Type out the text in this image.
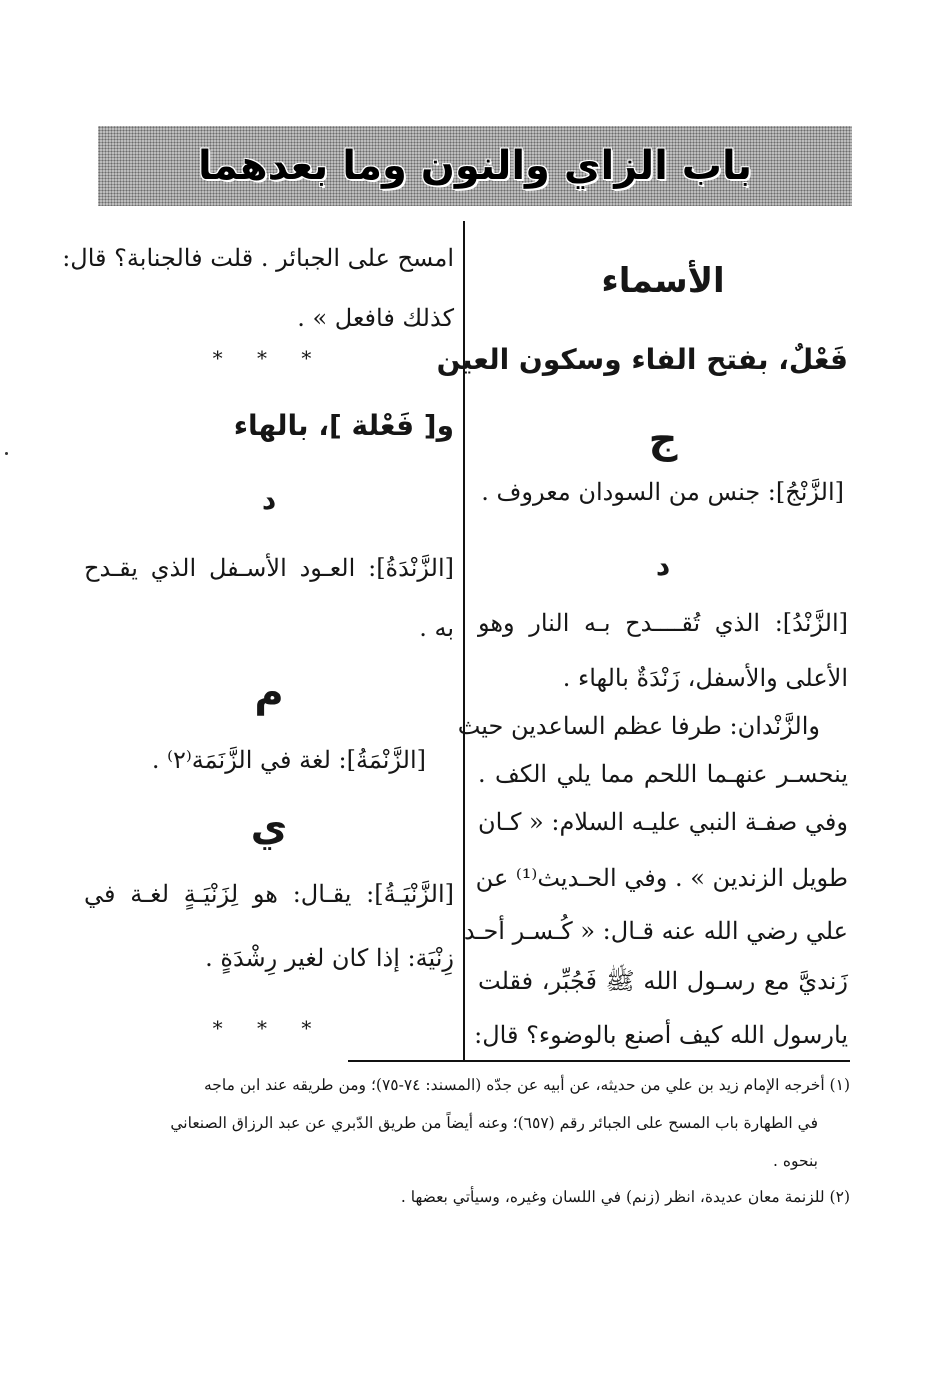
باب الزاي والنون وما بعدهما
الأسماء
فَعْلٌ، بفتح الفاء وسكون العين
ج
[الزَّنْجُ]: جنس من السودان معروف .
د
[الزَّنْدُ]: الذي تُقــــدح بـه النار وهو
الأعلى والأسفل، زَنْدَةٌ بالهاء .
والزَّنْدان: طرفا عظم الساعدين حيث
ينحسـر عنهـما اللحم مما يلي الكف .
وفي صفـة النبي عليـه السلام: « كـان
طويل الزندين » . وفي الحـديث⁽¹⁾ عن
علي رضي الله عنه قـال: « كُـسـر أحـد
زَنديَّ مع رسـول الله ﷺ فَجُبِّر، فقلت
يارسول الله كيف أصنع بالوضوء؟ قال:
امسح على الجبائر . قلت فالجنابة؟ قال:
كذلك فافعل » .
* * *
و[ فَعْلة ]، بالهاء
د
[الزَّنْدَةُ]: العـود الأسـفل الذي يقـدح
به .
م
[الزَّنْمَةُ]: لغة في الزَّنَمَة⁽٢⁾ .
ي
[الزَّنْيَـةُ]: يقـال: هو لِزَنْيَـةٍ لغـة في
زِنْيَة: إذا كان لغير رِشْدَةٍ .
* * *
(١) أخرجه الإمام زيد بن علي من حديثه، عن أبيه عن جدّه (المسند: ٧٤-٧٥)؛ ومن طريقه عند ابن ماجه
في الطهارة باب المسح على الجبائر رقم (٦٥٧)؛ وعنه أيضاً من طريق الدّبري عن عبد الرزاق الصنعاني
بنحوه .
(٢) للزنمة معان عديدة، انظر (زنم) في اللسان وغيره، وسيأتي بعضها .
